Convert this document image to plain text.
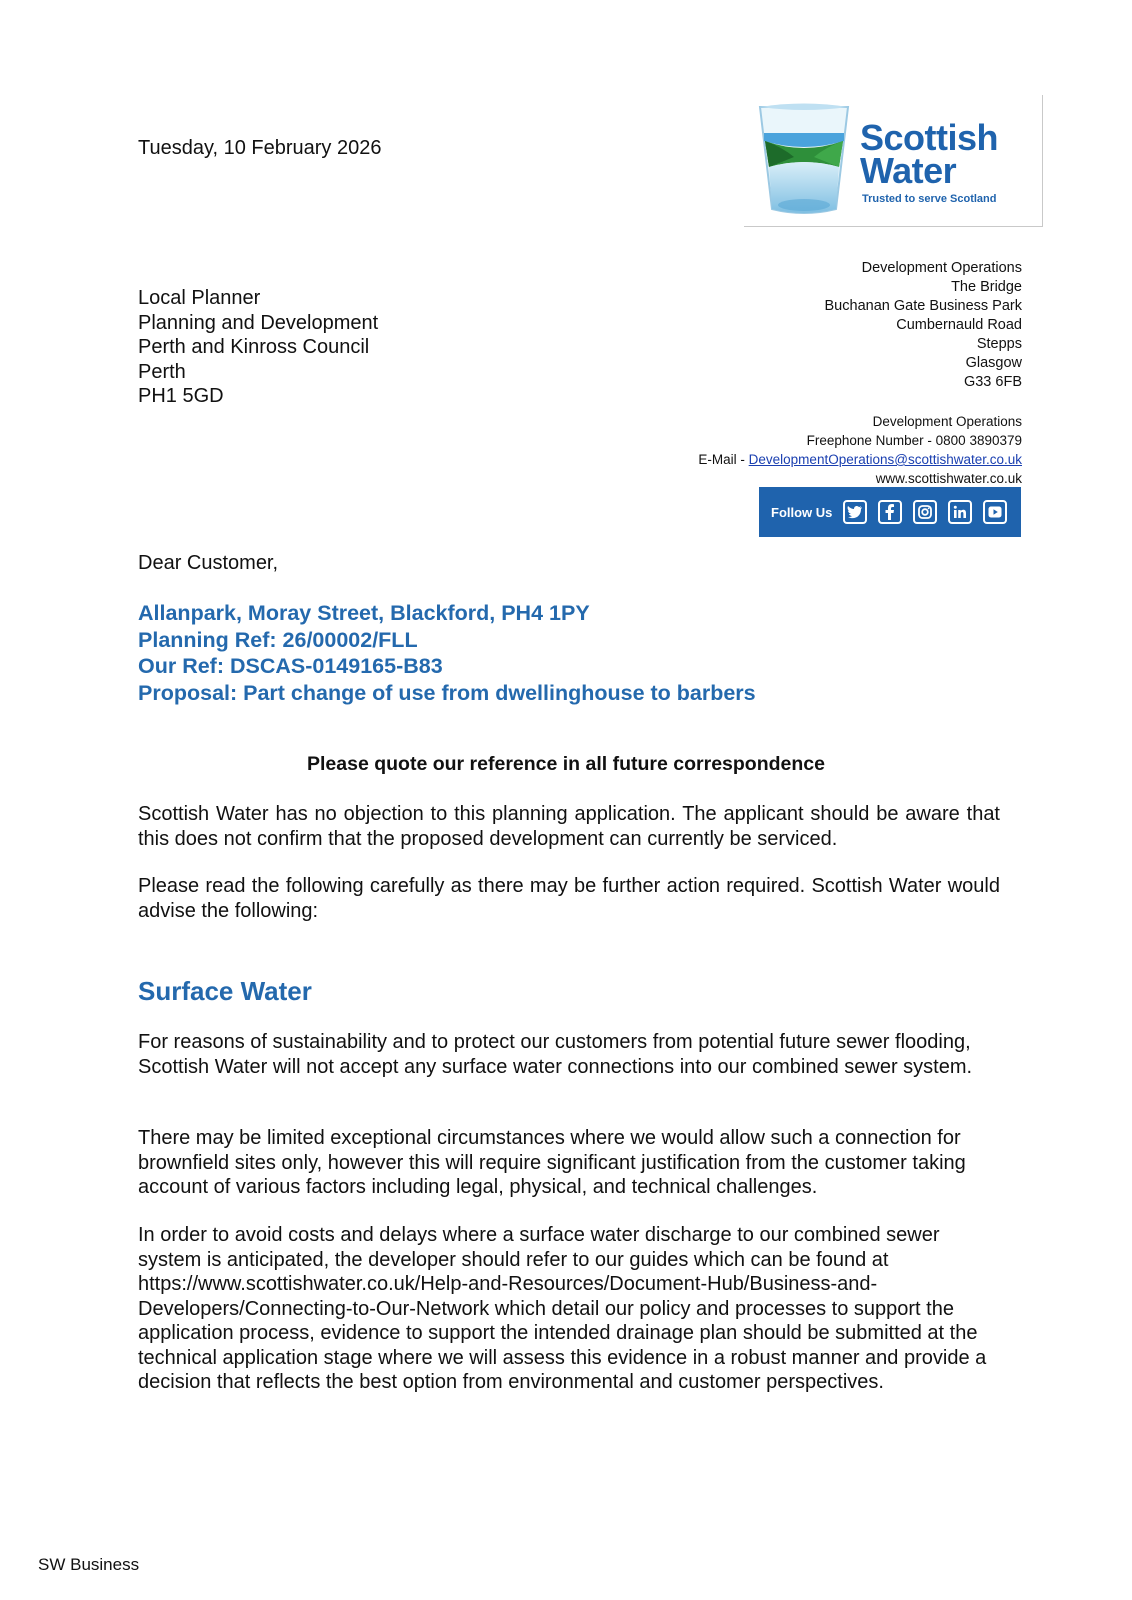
Tuesday, 10 February 2026	Scottish
Water
Trusted to serve Scotland
Local Planner
Planning and Development
Perth and Kinross Council
Perth
PH1 5GD
Development Operations
The Bridge
Buchanan Gate Business Park
Cumbernauld Road
Stepps
Glasgow
G33 6FB
Development Operations
Freephone Number - 0800 3890379
E-Mail - DevelopmentOperations@scottishwater.co.uk
www.scottishwater.co.uk
Follow Us
Dear Customer,
Allanpark, Moray Street, Blackford, PH4 1PY
Planning Ref: 26/00002/FLL
Our Ref: DSCAS-0149165-B83
Proposal: Part change of use from dwellinghouse to barbers
Please quote our reference in all future correspondence
Scottish Water has no objection to this planning application. The applicant should be aware that this does not confirm that the proposed development can currently be serviced.
Please read the following carefully as there may be further action required. Scottish Water would advise the following:
Surface Water
For reasons of sustainability and to protect our customers from potential future sewer flooding, Scottish Water will not accept any surface water connections into our combined sewer system.
There may be limited exceptional circumstances where we would allow such a connection for brownfield sites only, however this will require significant justification from the customer taking account of various factors including legal, physical, and technical challenges.
In order to avoid costs and delays where a surface water discharge to our combined sewer system is anticipated, the developer should refer to our guides which can be found at https://www.scottishwater.co.uk/Help-and-Resources/Document-Hub/Business-and-Developers/Connecting-to-Our-Network which detail our policy and processes to support the application process, evidence to support the intended drainage plan should be submitted at the technical application stage where we will assess this evidence in a robust manner and provide a decision that reflects the best option from environmental and customer perspectives.
SW Business
